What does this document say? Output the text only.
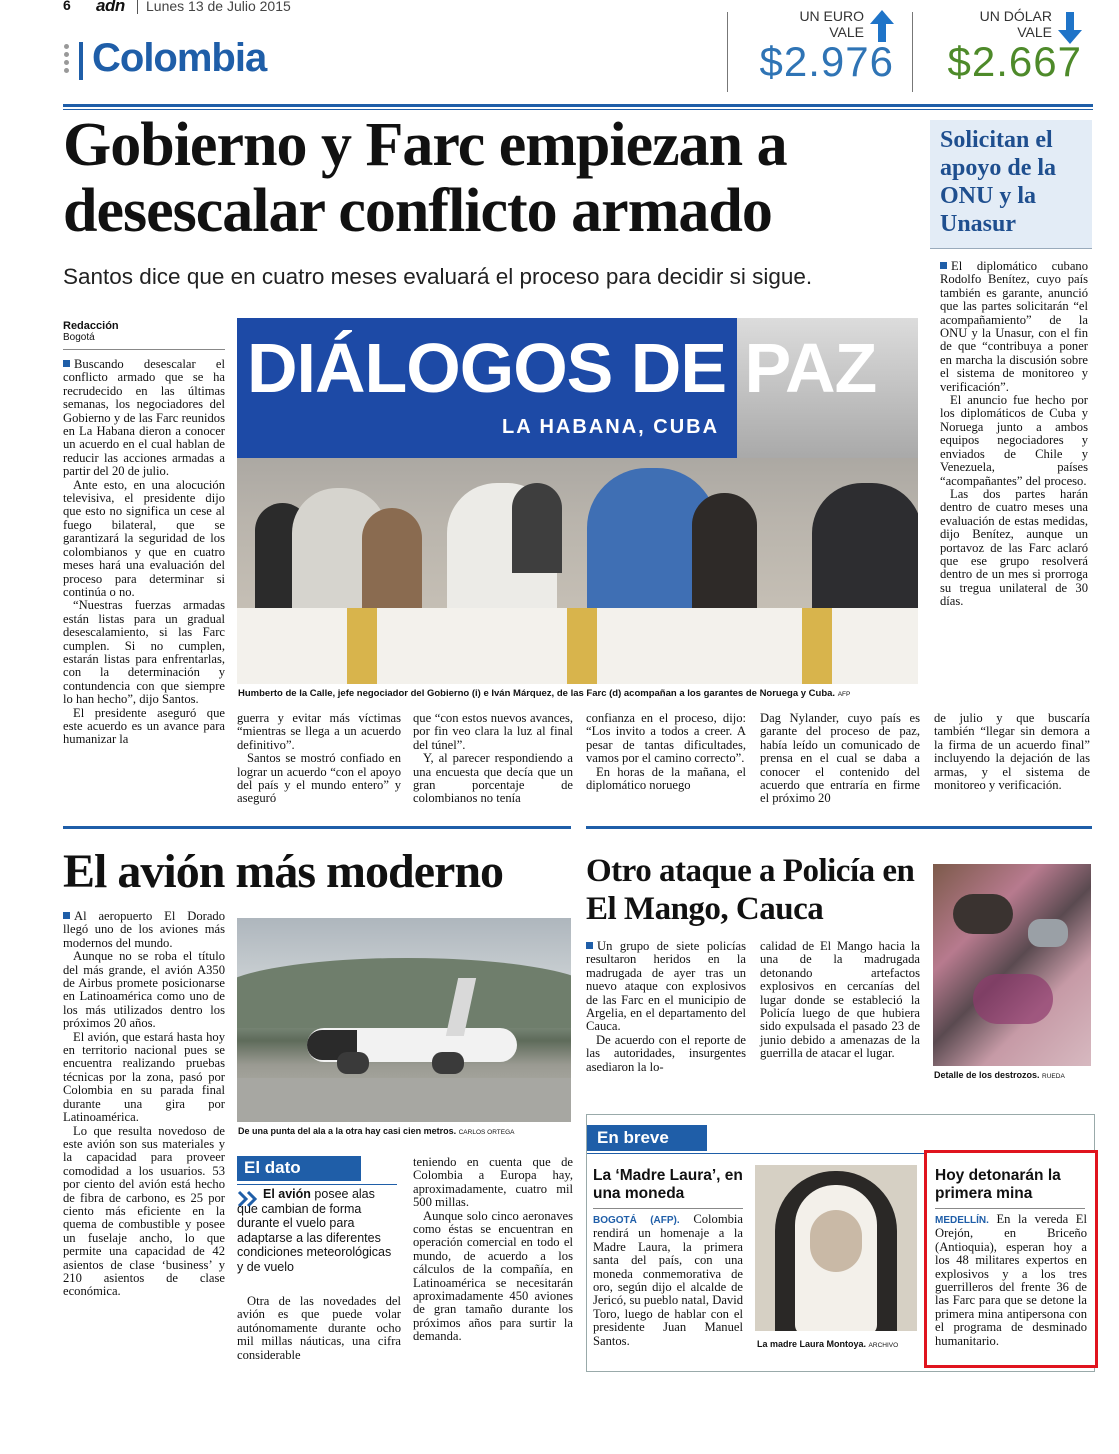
6 adn Lunes 13 de Julio 2015
Colombia
UN EURO
VALE
$2.976
UN DÓLAR
VALE
$2.667
Gobierno y Farc empiezan a desescalar conflicto armado
Santos dice que en cuatro meses evaluará el proceso para decidir si sigue.
Redacción
Bogotá

Buscando desescalar el conflicto armado que se ha recrudecido en las últimas semanas, los negociadores del Gobierno y de las Farc reunidos en La Habana dieron a conocer un acuerdo en el cual hablan de reducir las acciones armadas a partir del 20 de julio.

Ante esto, en una alocución televisiva, el presidente dijo que esto no significa un cese al fuego bilateral, que se garantizará la seguridad de los colombianos y que en cuatro meses hará una evaluación del proceso para determinar si continúa o no.

“Nuestras fuerzas armadas están listas para un gradual desescalamiento, si las Farc cumplen. Si no cumplen, estarán listas para enfrentarlas, con la determinación y contundencia con que siempre lo han hecho”, dijo Santos.

El presidente aseguró que este acuerdo es un avance para humanizar la

DIÁLOGOS DE PAZ
LA HABANA, CUBA
Humberto de la Calle, jefe negociador del Gobierno (i) e Iván Márquez, de las Farc (d) acompañan a los garantes de Noruega y Cuba. AFP

guerra y evitar más víctimas “mientras se llega a un acuerdo definitivo”.

Santos se mostró confiado en lograr un acuerdo “con el apoyo del país y el mundo entero” y aseguró

que “con estos nuevos avances, por fin veo clara la luz al final del túnel”.

Y, al parecer respondiendo a una encuesta que decía que un gran porcentaje de colombianos no tenía

confianza en el proceso, dijo: “Los invito a todos a creer. A pesar de tantas dificultades, vamos por el camino correcto”.

En horas de la mañana, el diplomático noruego

Dag Nylander, cuyo país es garante del proceso de paz, había leído un comunicado de prensa en el cual se daba a conocer el contenido del acuerdo que entraría en firme el próximo 20

de julio y que buscaría también “llegar sin demora a la firma de un acuerdo final” incluyendo la dejación de las armas, y el sistema de monitoreo y verificación.

Solicitan el apoyo de la ONU y la Unasur

El diplomático cubano Rodolfo Benítez, cuyo país también es garante, anunció que las partes solicitarán “el acompañamiento” de la ONU y la Unasur, con el fin de que “contribuya a poner en marcha la discusión sobre el sistema de monitoreo y verificación”.

El anuncio fue hecho por los diplomáticos de Cuba y Noruega junto a ambos equipos negociadores y enviados de Chile y Venezuela, países “acompañantes” del proceso.

Las dos partes harán dentro de cuatro meses una evaluación de estas medidas, dijo Benítez, aunque un portavoz de las Farc aclaró que ese grupo resolverá dentro de un mes si prorroga su tregua unilateral de 30 días.

El avión más moderno

Al aeropuerto El Dorado llegó uno de los aviones más modernos del mundo.

Aunque no se roba el título del más grande, el avión A350 de Airbus promete posicionarse en Latinoamérica como uno de los más utilizados dentro los próximos 20 años.

El avión, que estará hasta hoy en territorio nacional pues se encuentra realizando pruebas técnicas por la zona, pasó por Colombia en su parada final durante una gira por Latinoamérica.

Lo que resulta novedoso de este avión son sus materiales y la capacidad para proveer comodidad a los usuarios. 53 por ciento del avión está hecho de fibra de carbono, es 25 por ciento más eficiente en la quema de combustible y posee un fuselaje ancho, lo que permite una capacidad de 42 asientos de clase ‘business’ y 210 asientos de clase económica.

De una punta del ala a la otra hay casi cien metros. CARLOS ORTEGA
El dato
El avión posee alas que cambian de forma durante el vuelo para adaptarse a las diferentes condiciones meteorológicas y de vuelo

Otra de las novedades del avión es que puede volar autónomamente durante ocho mil millas náuticas, una cifra considerable

teniendo en cuenta que de Colombia a Europa hay, aproximadamente, cuatro mil 500 millas.

Aunque solo cinco aeronaves como éstas se encuentran en operación comercial en todo el mundo, de acuerdo a los cálculos de la compañía, en Latinoamérica se necesitarán aproximadamente 450 aviones de gran tamaño durante los próximos años para surtir la demanda.

Otro ataque a Policía en El Mango, Cauca

Un grupo de siete policías resultaron heridos en la madrugada de ayer tras un nuevo ataque con explosivos de las Farc en el municipio de Argelia, en el departamento del Cauca.

De acuerdo con el reporte de las autoridades, insurgentes asediaron la lo-

calidad de El Mango hacia la una de la madrugada detonando artefactos explosivos en cercanías del lugar donde se estableció la Policía luego de que hubiera sido expulsada el pasado 23 de junio debido a amenazas de la guerrilla de atacar el lugar.

Detalle de los destrozos. RUEDA
En breve
La ‘Madre Laura’, en una moneda

BOGOTÁ (AFP). Colombia rendirá un homenaje a la Madre Laura, la primera santa del país, con una moneda conmemorativa de oro, según dijo el alcalde de Jericó, su pueblo natal, David Toro, luego de hablar con el presidente Juan Manuel Santos.	La madre Laura Montoya. ARCHIVO
Hoy detonarán la primera mina

MEDELLÍN. En la vereda El Orejón, en Briceño (Antioquia), esperan hoy a los 48 militares expertos en explosivos y a los tres guerrilleros del frente 36 de las Farc para que se detone la primera mina antipersona con el programa de desminado humanitario.
